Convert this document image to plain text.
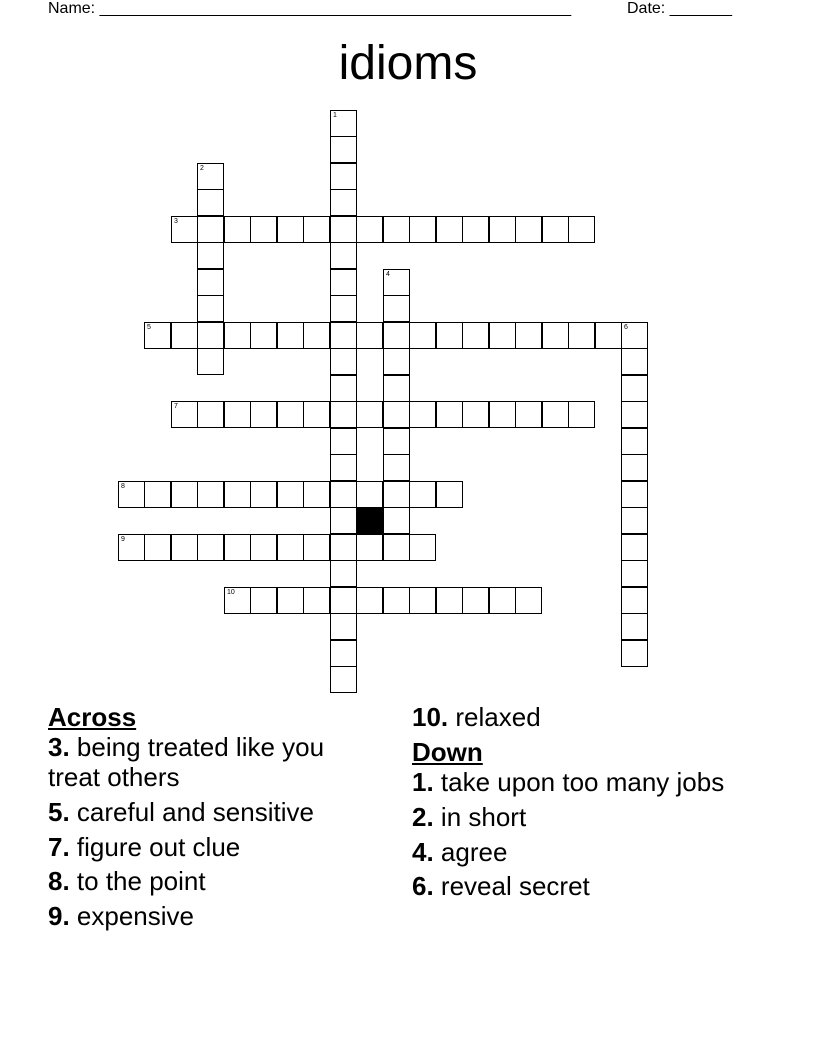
Name: _____________________________________________________	Date: _______
idioms
1
2
3
4
5	6
7
8
9
10

Across

3. being treated like you treat others

5. careful and sensitive

7. figure out clue

8. to the point

9. expensive

10. relaxed

Down

1. take upon too many jobs

2. in short

4. agree

6. reveal secret
